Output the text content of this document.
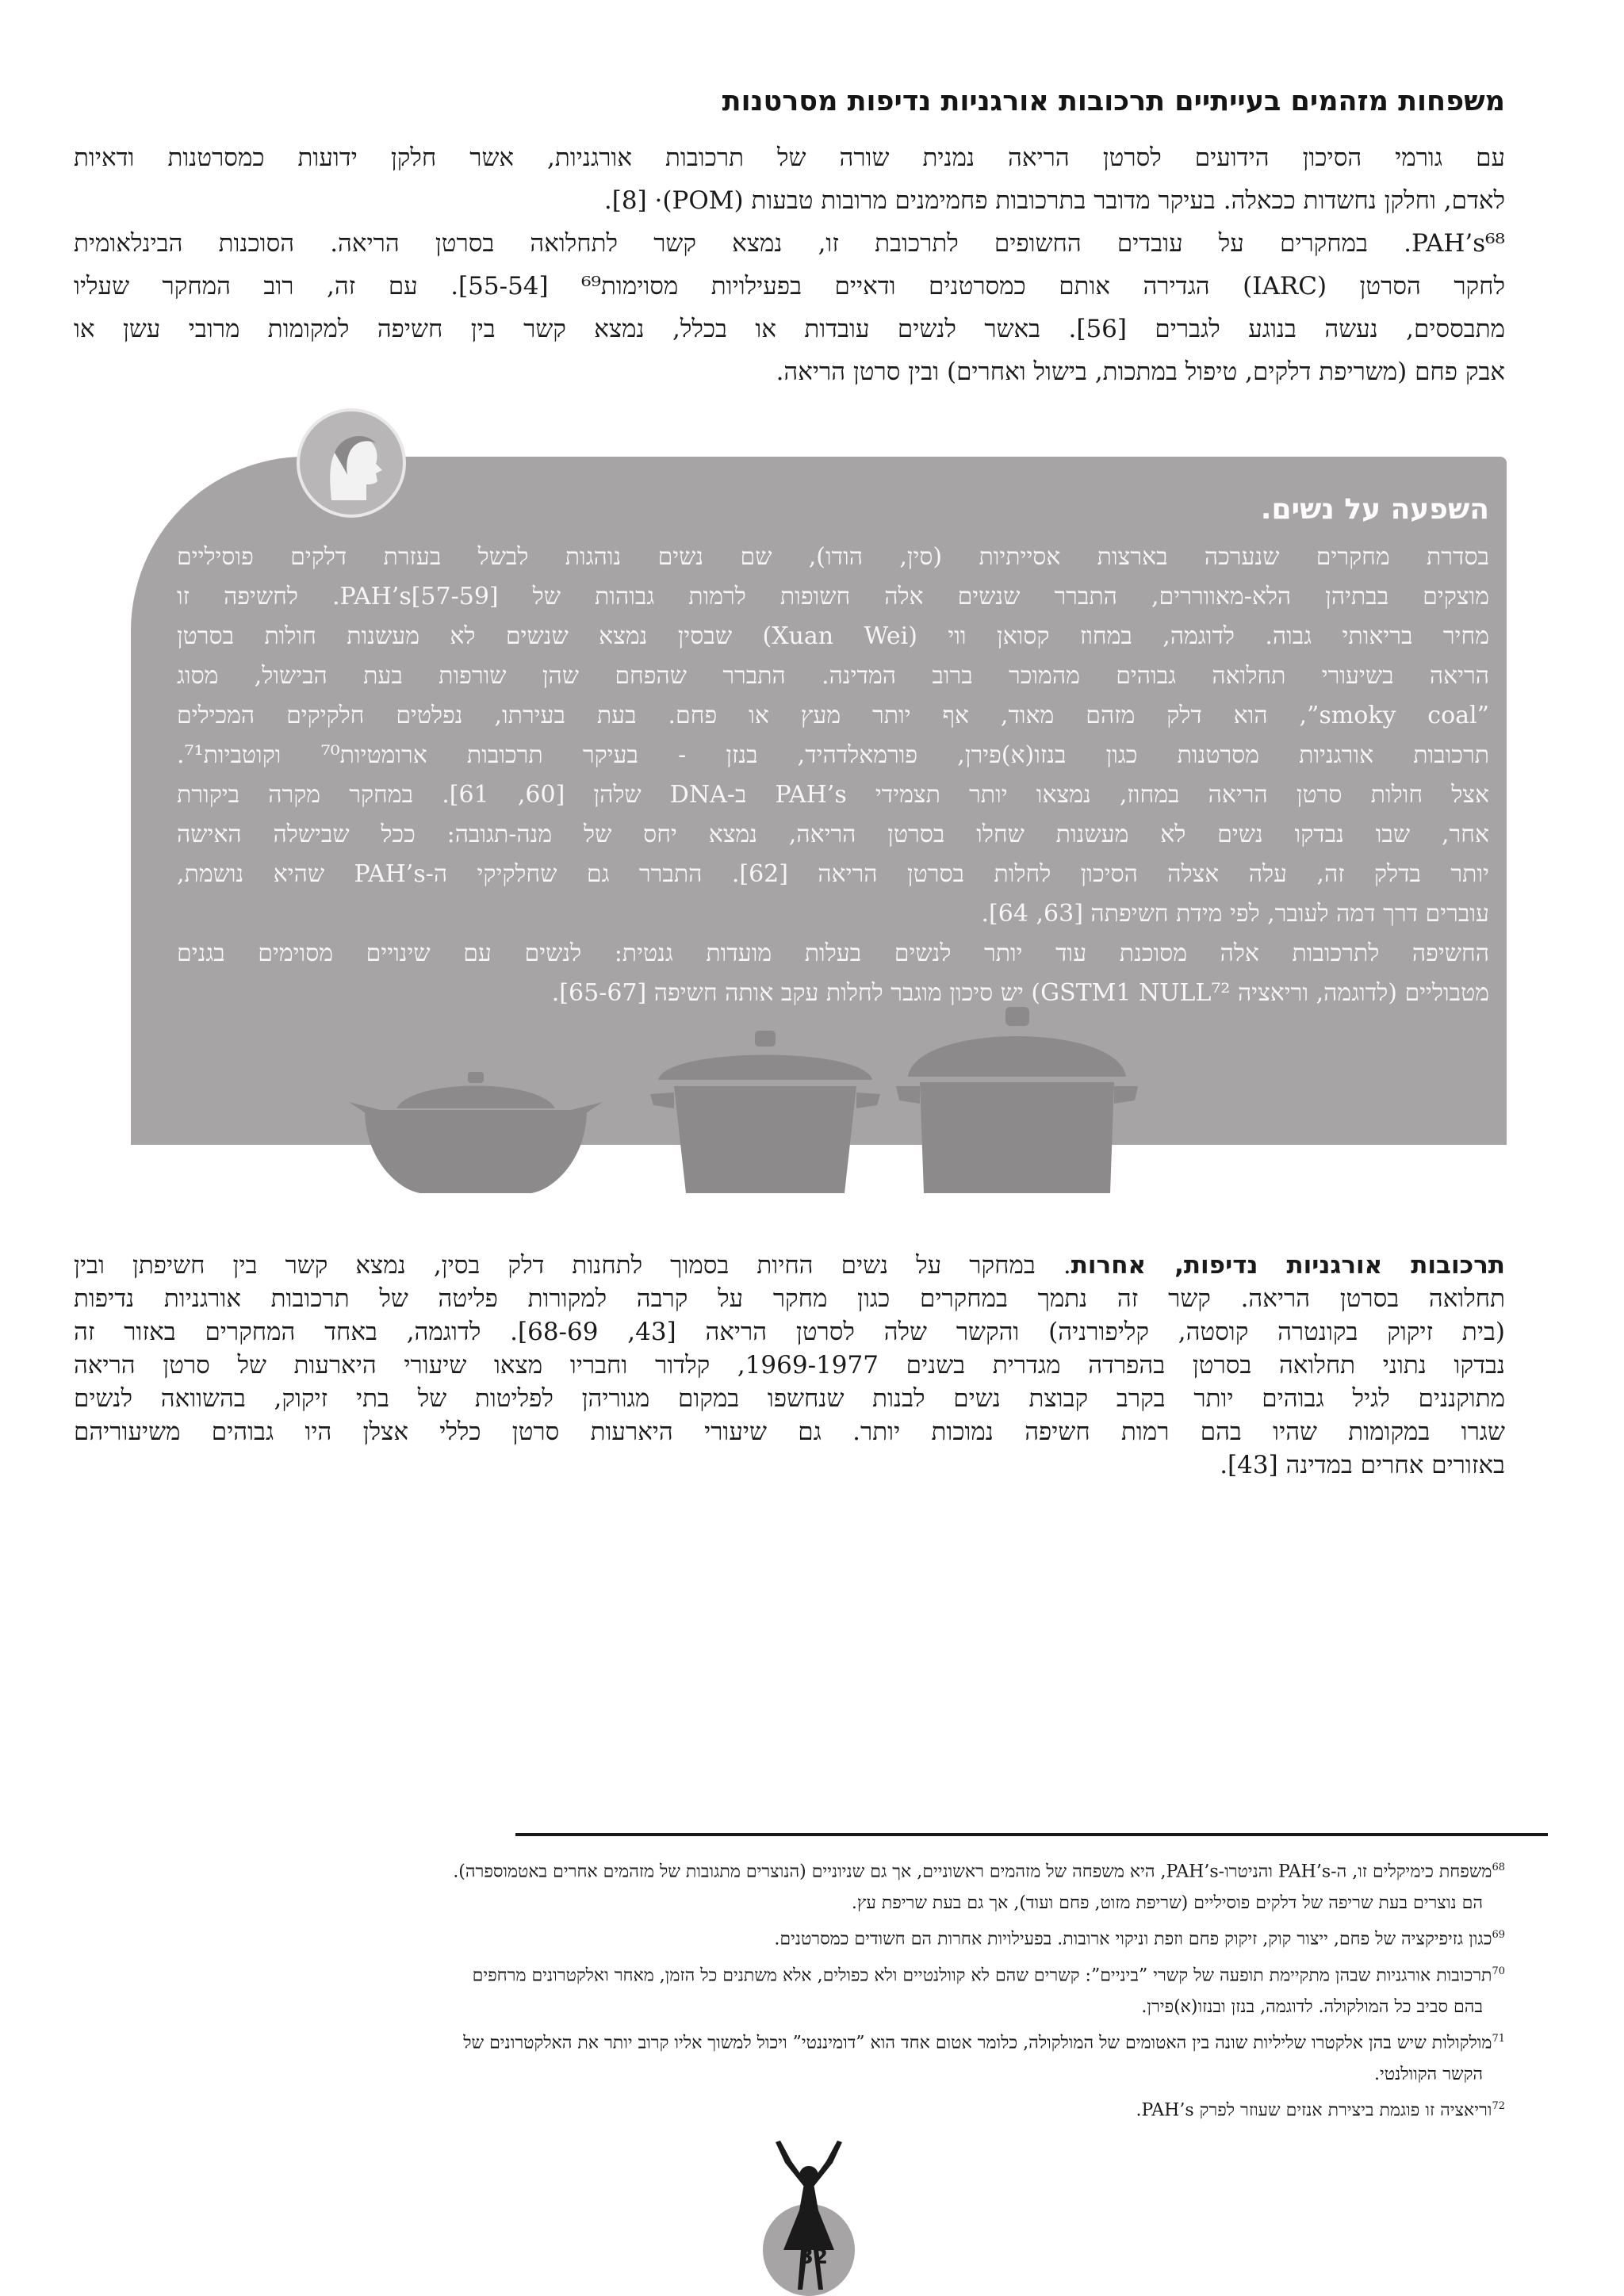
משפחות מזהמים בעייתיים תרכובות אורגניות נדיפות מסרטנות

עם גורמי הסיכון הידועים לסרטן הריאה נמנית שורה של תרכובות אורגניות, אשר חלקן ידועות כמסרטנות ודאיות
לאדם, וחלקן נחשדות ככאלה. בעיקר מדובר בתרכובות פחמימנים מרובות טבעות (POM)· [8].
PAH’s⁶⁸. במחקרים על עובדים החשופים לתרכובת זו, נמצא קשר לתחלואה בסרטן הריאה. הסוכנות הבינלאומית
לחקר הסרטן (IARC) הגדירה אותם כמסרטנים ודאיים בפעילויות מסוימות⁶⁹ [55-54]. עם זה, רוב המחקר שעליו
מתבססים, נעשה בנוגע לגברים [56]. באשר לנשים עובדות או בכלל, נמצא קשר בין חשיפה למקומות מרובי עשן או
אבק פחם (משריפת דלקים, טיפול במתכות, בישול ואחרים) ובין סרטן הריאה.

השפעה על נשים.

בסדרת מחקרים שנערכה בארצות אסייתיות (סין, הודו), שם נשים נוהגות לבשל בעזרת דלקים פוסיליים
מוצקים בבתיהן הלא-מאווררים, התברר שנשים אלה חשופות לרמות גבוהות של PAH’s[57-59]. לחשיפה זו
מחיר בריאותי גבוה. לדוגמה, במחוז קסואן ווי (Xuan Wei) שבסין נמצא שנשים לא מעשנות חולות בסרטן
הריאה בשיעורי תחלואה גבוהים מהמוכר ברוב המדינה. התברר שהפחם שהן שורפות בעת הבישול, מסוג
”smoky coal”, הוא דלק מזהם מאוד, אף יותר מעץ או פחם. בעת בעירתו, נפלטים חלקיקים המכילים
תרכובות אורגניות מסרטנות כגון בנזו(א)פירן, פורמאלדהיד, בנזן - בעיקר תרכובות ארומטיות⁷⁰ וקוטביות⁷¹.
אצל חולות סרטן הריאה במחוז, נמצאו יותר תצמידי PAH’s ב-DNA שלהן [60, 61]. במחקר מקרה ביקורת
אחר, שבו נבדקו נשים לא מעשנות שחלו בסרטן הריאה, נמצא יחס של מנה-תגובה: ככל שבישלה האישה
יותר בדלק זה, עלה אצלה הסיכון לחלות בסרטן הריאה [62]. התברר גם שחלקיקי ה-PAH’s שהיא נושמת,
עוברים דרך דמה לעובר, לפי מידת חשיפתה [63, 64].
החשיפה לתרכובות אלה מסוכנת עוד יותר לנשים בעלות מועדות גנטית: לנשים עם שינויים מסוימים בגנים
מטבוליים (לדוגמה, וריאציה GSTM1 NULL⁷²) יש סיכון מוגבר לחלות עקב אותה חשיפה [65-67].

תרכובות אורגניות נדיפות, אחרות. במחקר על נשים החיות בסמוך לתחנות דלק בסין, נמצא קשר בין חשיפתן ובין
תחלואה בסרטן הריאה. קשר זה נתמך במחקרים כגון מחקר על קרבה למקורות פליטה של תרכובות אורגניות נדיפות
(בית זיקוק בקונטרה קוסטה, קליפורניה) והקשר שלה לסרטן הריאה [43, 68-69]. לדוגמה, באחד המחקרים באזור זה
נבדקו נתוני תחלואה בסרטן בהפרדה מגדרית בשנים 1969-1977, קלדור וחבריו מצאו שיעורי היארעות של סרטן הריאה
מתוקננים לגיל גבוהים יותר בקרב קבוצת נשים לבנות שנחשפו במקום מגוריהן לפליטות של בתי זיקוק, בהשוואה לנשים
שגרו במקומות שהיו בהם רמות חשיפה נמוכות יותר. גם שיעורי היארעות סרטן כללי אצלן היו גבוהים משיעוריהם
באזורים אחרים במדינה [43].

$^{68}$משפחת כימיקלים זו, ה-PAH’s והניטרו-PAH’s, היא משפחה של מזהמים ראשוניים, אך גם שניוניים (הנוצרים מתגובות של מזהמים אחרים באטמוספרה).
הם נוצרים בעת שריפה של דלקים פוסיליים (שריפת מזוט, פחם ועוד), אך גם בעת שריפת עץ.
$^{69}$כגון גזיפיקציה של פחם, ייצור קוק, זיקוק פחם וזפת וניקוי ארובות. בפעילויות אחרות הם חשודים כמסרטנים.
$^{70}$תרכובות אורגניות שבהן מתקיימת תופעה של קשרי ”ביניים”: קשרים שהם לא קוולנטיים ולא כפולים, אלא משתנים כל הזמן, מאחר ואלקטרונים מרחפים
בהם סביב כל המולקולה. לדוגמה, בנזן ובנזו(א)פירן.
$^{71}$מולקולות שיש בהן אלקטרו שליליות שונה בין האטומים של המולקולה, כלומר אטום אחד הוא ”דומיננטי” ויכול למשוך אליו קרוב יותר את האלקטרונים של
הקשר הקוולנטי.
$^{72}$וריאציה זו פוגמת ביצירת אנזים שעוזר לפרק PAH’s.
32
